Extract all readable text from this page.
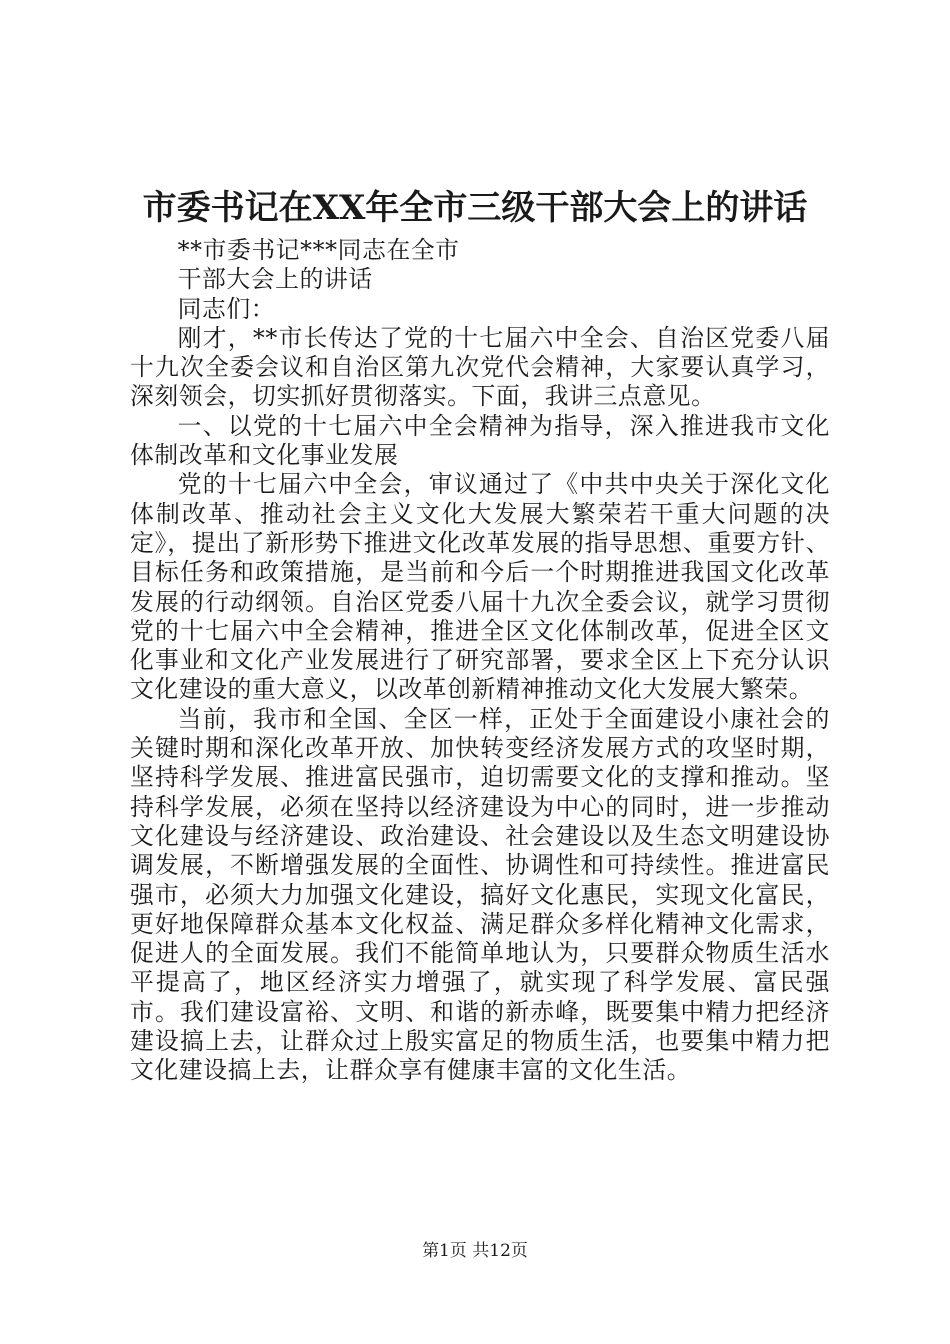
市委书记在XX年全市三级干部大会上的讲话

**市委书记***同志在全市

干部大会上的讲话

同志们：

刚才，**市长传达了党的十七届六中全会、自治区党委八届十九次全委会议和自治区第九次党代会精神，大家要认真学习，深刻领会，切实抓好贯彻落实。下面，我讲三点意见。

一、以党的十七届六中全会精神为指导，深入推进我市文化体制改革和文化事业发展

党的十七届六中全会，审议通过了《中共中央关于深化文化体制改革、推动社会主义文化大发展大繁荣若干重大问题的决定》，提出了新形势下推进文化改革发展的指导思想、重要方针、目标任务和政策措施，是当前和今后一个时期推进我国文化改革发展的行动纲领。自治区党委八届十九次全委会议，就学习贯彻党的十七届六中全会精神，推进全区文化体制改革，促进全区文化事业和文化产业发展进行了研究部署，要求全区上下充分认识文化建设的重大意义，以改革创新精神推动文化大发展大繁荣。

当前，我市和全国、全区一样，正处于全面建设小康社会的关键时期和深化改革开放、加快转变经济发展方式的攻坚时期，坚持科学发展、推进富民强市，迫切需要文化的支撑和推动。坚持科学发展，必须在坚持以经济建设为中心的同时，进一步推动文化建设与经济建设、政治建设、社会建设以及生态文明建设协调发展，不断增强发展的全面性、协调性和可持续性。推进富民强市，必须大力加强文化建设，搞好文化惠民，实现文化富民，更好地保障群众基本文化权益、满足群众多样化精神文化需求，促进人的全面发展。我们不能简单地认为，只要群众物质生活水平提高了，地区经济实力增强了，就实现了科学发展、富民强市。我们建设富裕、文明、和谐的新赤峰，既要集中精力把经济建设搞上去，让群众过上殷实富足的物质生活，也要集中精力把文化建设搞上去，让群众享有健康丰富的文化生活。

第1页 共12页
